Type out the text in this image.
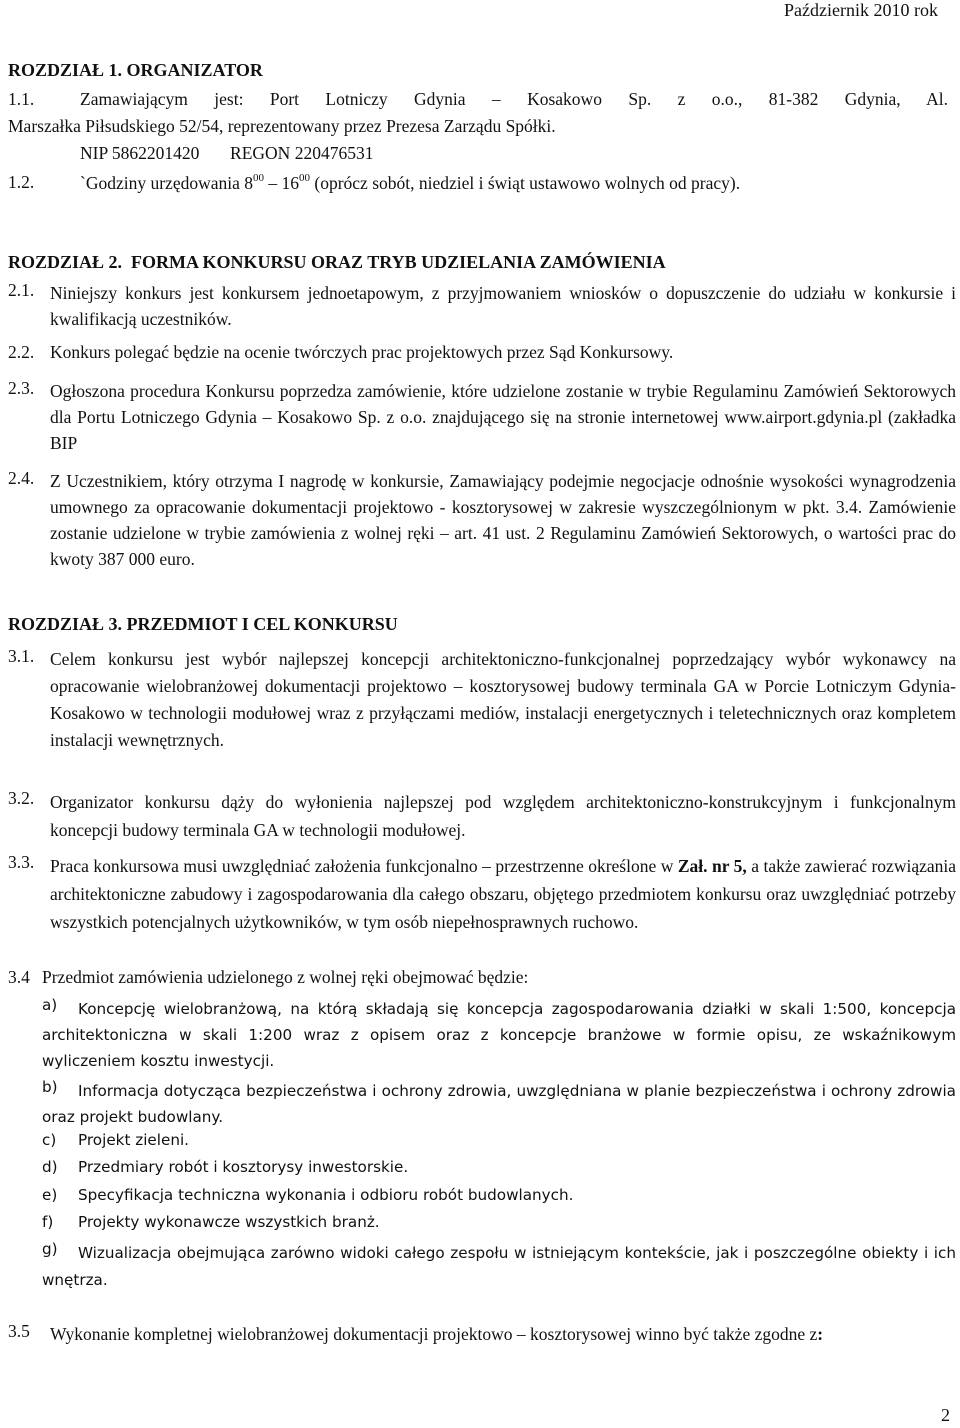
Październik 2010 rok
ROZDZIAŁ 1. ORGANIZATOR
1.1.	Zamawiającym jest: Port Lotniczy Gdynia – Kosakowo Sp. z o.o., 81-382 Gdynia, Al.
Marszałka Piłsudskiego 52/54, reprezentowany przez Prezesa Zarządu Spółki.
NIP 5862201420       REGON 220476531
1.2.	`Godziny urzędowania $8^{00} - 16^{00}$ (oprócz sobót, niedziel i świąt ustawowo wolnych od pracy).
ROZDZIAŁ 2.  FORMA KONKURSU ORAZ TRYB UDZIELANIA ZAMÓWIENIA
2.1. Niniejszy konkurs jest konkursem jednoetapowym, z przyjmowaniem wniosków o dopuszczenie do udziału w konkursie i kwalifikacją uczestników.
2.2. Konkurs polegać będzie na ocenie twórczych prac projektowych przez Sąd Konkursowy.
2.3. Ogłoszona procedura Konkursu poprzedza zamówienie, które udzielone zostanie w trybie Regulaminu Zamówień Sektorowych dla Portu Lotniczego Gdynia – Kosakowo Sp. z o.o. znajdującego się na stronie internetowej www.airport.gdynia.pl (zakładka BIP
2.4. Z Uczestnikiem, który otrzyma I nagrodę w konkursie, Zamawiający podejmie negocjacje odnośnie wysokości wynagrodzenia umownego za opracowanie dokumentacji projektowo - kosztorysowej w zakresie wyszczególnionym w pkt. 3.4. Zamówienie zostanie udzielone w trybie zamówienia z wolnej ręki – art. 41 ust. 2 Regulaminu Zamówień Sektorowych, o wartości prac do kwoty 387 000 euro.
ROZDZIAŁ 3. PRZEDMIOT I CEL KONKURSU
3.1. Celem konkursu jest wybór najlepszej koncepcji architektoniczno-funkcjonalnej poprzedzający wybór wykonawcy na opracowanie wielobranżowej dokumentacji projektowo – kosztorysowej budowy terminala GA w Porcie Lotniczym Gdynia-Kosakowo w technologii modułowej wraz z przyłączami mediów, instalacji energetycznych i teletechnicznych oraz kompletem instalacji wewnętrznych.
3.2. Organizator konkursu dąży do wyłonienia najlepszej pod względem architektoniczno-konstrukcyjnym i funkcjonalnym koncepcji budowy terminala GA w technologii modułowej.
3.3. Praca konkursowa musi uwzględniać założenia funkcjonalno – przestrzenne określone w Zał. nr 5, a także zawierać rozwiązania architektoniczne zabudowy i zagospodarowania dla całego obszaru, objętego przedmiotem konkursu oraz uwzględniać potrzeby wszystkich potencjalnych użytkowników, w tym osób niepełnosprawnych ruchowo.
3.4 Przedmiot zamówienia udzielonego z wolnej ręki obejmować będzie:
a)	Koncepcję wielobranżową, na którą składają się koncepcja zagospodarowania działki w skali 1:500, koncepcja architektoniczna w skali 1:200 wraz z opisem oraz z koncepcje branżowe w formie opisu, ze wskaźnikowym wyliczeniem kosztu inwestycji.
b)	Informacja dotycząca bezpieczeństwa i ochrony zdrowia, uwzględniana w planie bezpieczeństwa i ochrony zdrowia oraz projekt budowlany.
c) Projekt zieleni.
d) Przedmiary robót i kosztorysy inwestorskie.
e) Specyfikacja techniczna wykonania i odbioru robót budowlanych.
f) Projekty wykonawcze wszystkich branż.
g)	Wizualizacja obejmująca zarówno widoki całego zespołu w istniejącym kontekście, jak i poszczególne obiekty i ich wnętrza.
3.5	Wykonanie kompletnej wielobranżowej dokumentacji projektowo – kosztorysowej winno być także zgodne z:
2
